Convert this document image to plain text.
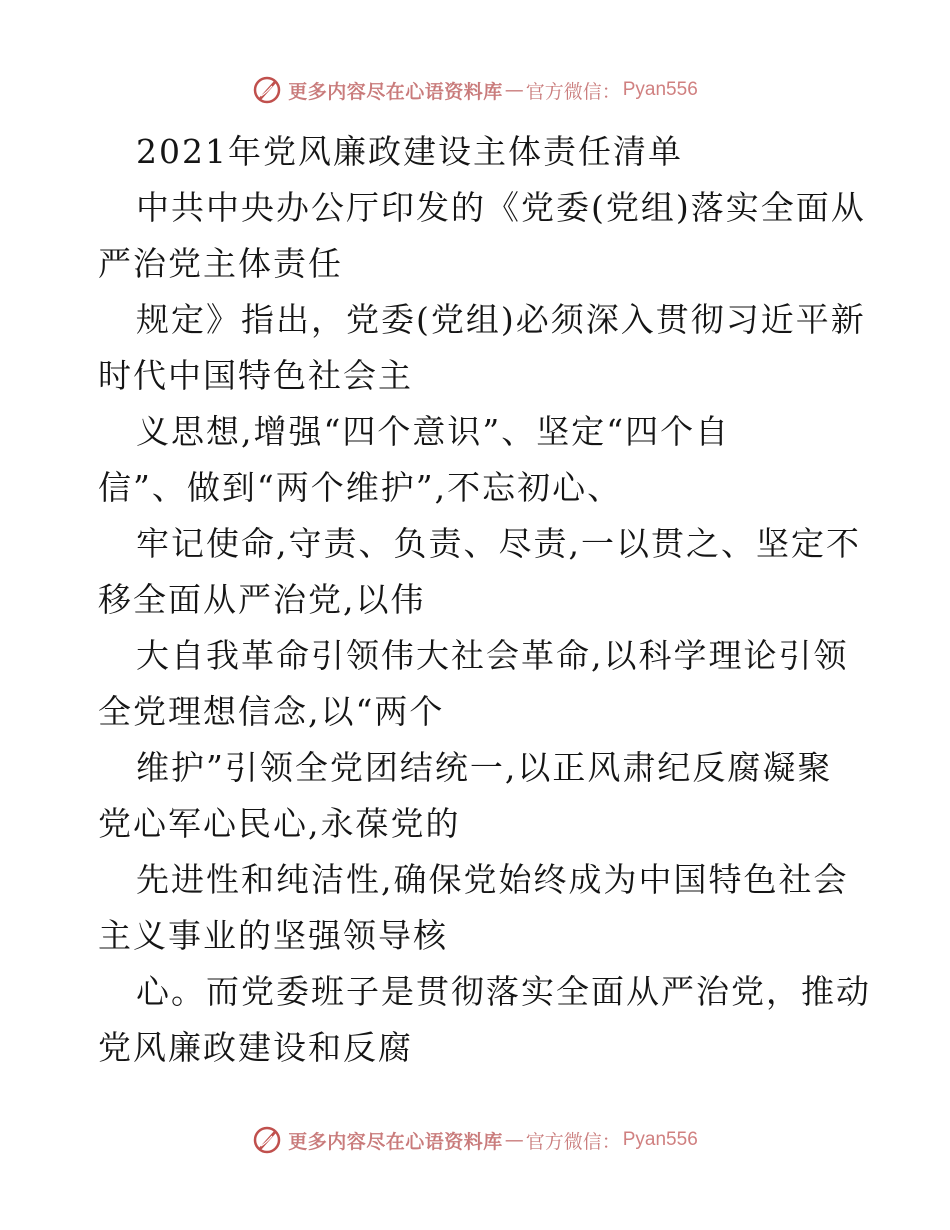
更多内容尽在心语资料库 — 官方微信： Pyan556
2021年党风廉政建设主体责任清单
中共中央办公厅印发的《党委(党组)落实全面从
严治党主体责任
规定》指出，党委(党组)必须深入贯彻习近平新
时代中国特色社会主
义思想,增强“四个意识”、坚定“四个自
信”、做到“两个维护”,不忘初心、
牢记使命,守责、负责、尽责,一以贯之、坚定不
移全面从严治党,以伟
大自我革命引领伟大社会革命,以科学理论引领
全党理想信念,以“两个
维护”引领全党团结统一,以正风肃纪反腐凝聚
党心军心民心,永葆党的
先进性和纯洁性,确保党始终成为中国特色社会
主义事业的坚强领导核
心。而党委班子是贯彻落实全面从严治党，推动
党风廉政建设和反腐
更多内容尽在心语资料库 — 官方微信： Pyan556
